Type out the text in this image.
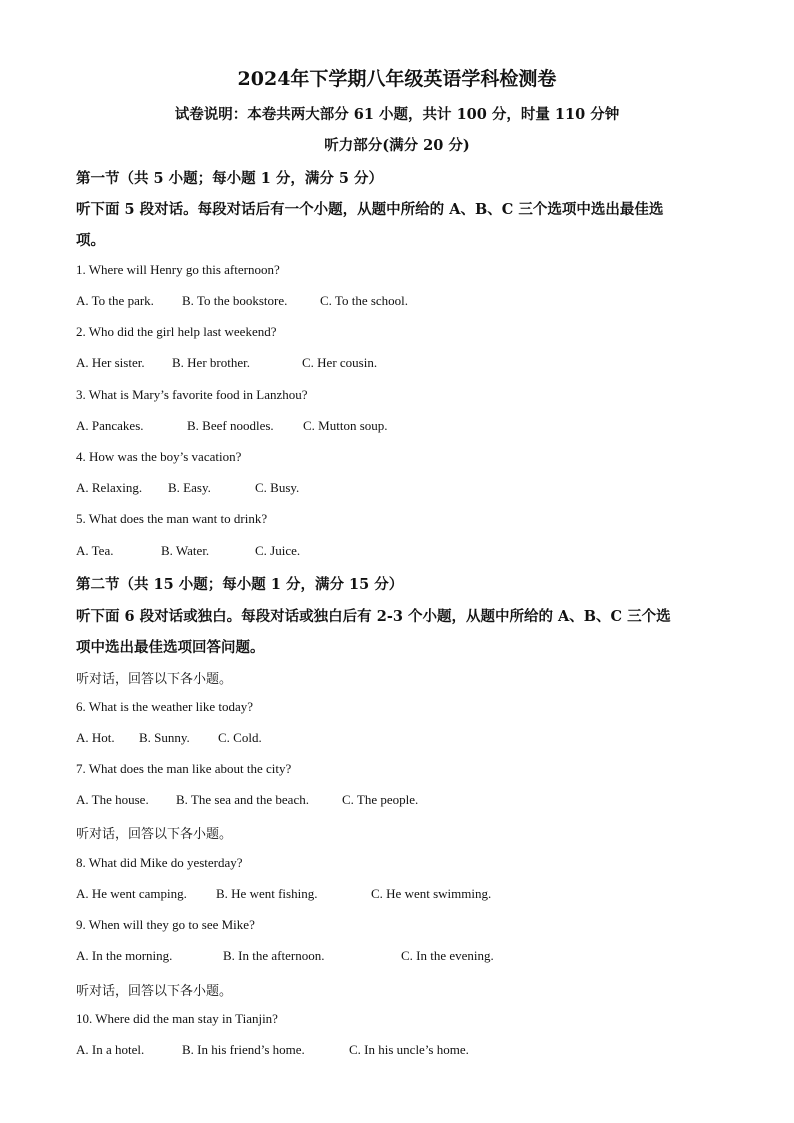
2024年下学期八年级英语学科检测卷
试卷说明：本卷共两大部分 61 小题，共计 100 分，时量 110 分钟
听力部分(满分 20 分)
第一节（共 5 小题；每小题 1 分，满分 5 分）
听下面 5 段对话。每段对话后有一个小题，从题中所给的 A、B、C 三个选项中选出最佳选
项。
1. Where will Henry go this afternoon?
A. To the park. B. To the bookstore.	C. To the school.
2. Who did the girl help last weekend?
A. Her sister. B. Her brother.	C. Her cousin.
3. What is Mary’s favorite food in Lanzhou?
A. Pancakes.	B. Beef noodles. C. Mutton soup.
4. How was the boy’s vacation?
A. Relaxing. B. Easy.	C. Busy.
5. What does the man want to drink?
A. Tea.	B. Water.	C. Juice.
第二节（共 15 小题；每小题 1 分，满分 15 分）
听下面 6 段对话或独白。每段对话或独白后有 2-3 个小题，从题中所给的 A、B、C 三个选
项中选出最佳选项回答问题。
听对话，回答以下各小题。
6. What is the weather like today?
A. Hot. B. Sunny. C. Cold.
7. What does the man like about the city?
A. The house. B. The sea and the beach.	C. The people.
听对话，回答以下各小题。
8. What did Mike do yesterday?
A. He went camping. B. He went fishing.	C. He went swimming.
9. When will they go to see Mike?
A. In the morning.	B. In the afternoon.	C. In the evening.
听对话，回答以下各小题。
10. Where did the man stay in Tianjin?
A. In a hotel.	B. In his friend’s home.	C. In his uncle’s home.
